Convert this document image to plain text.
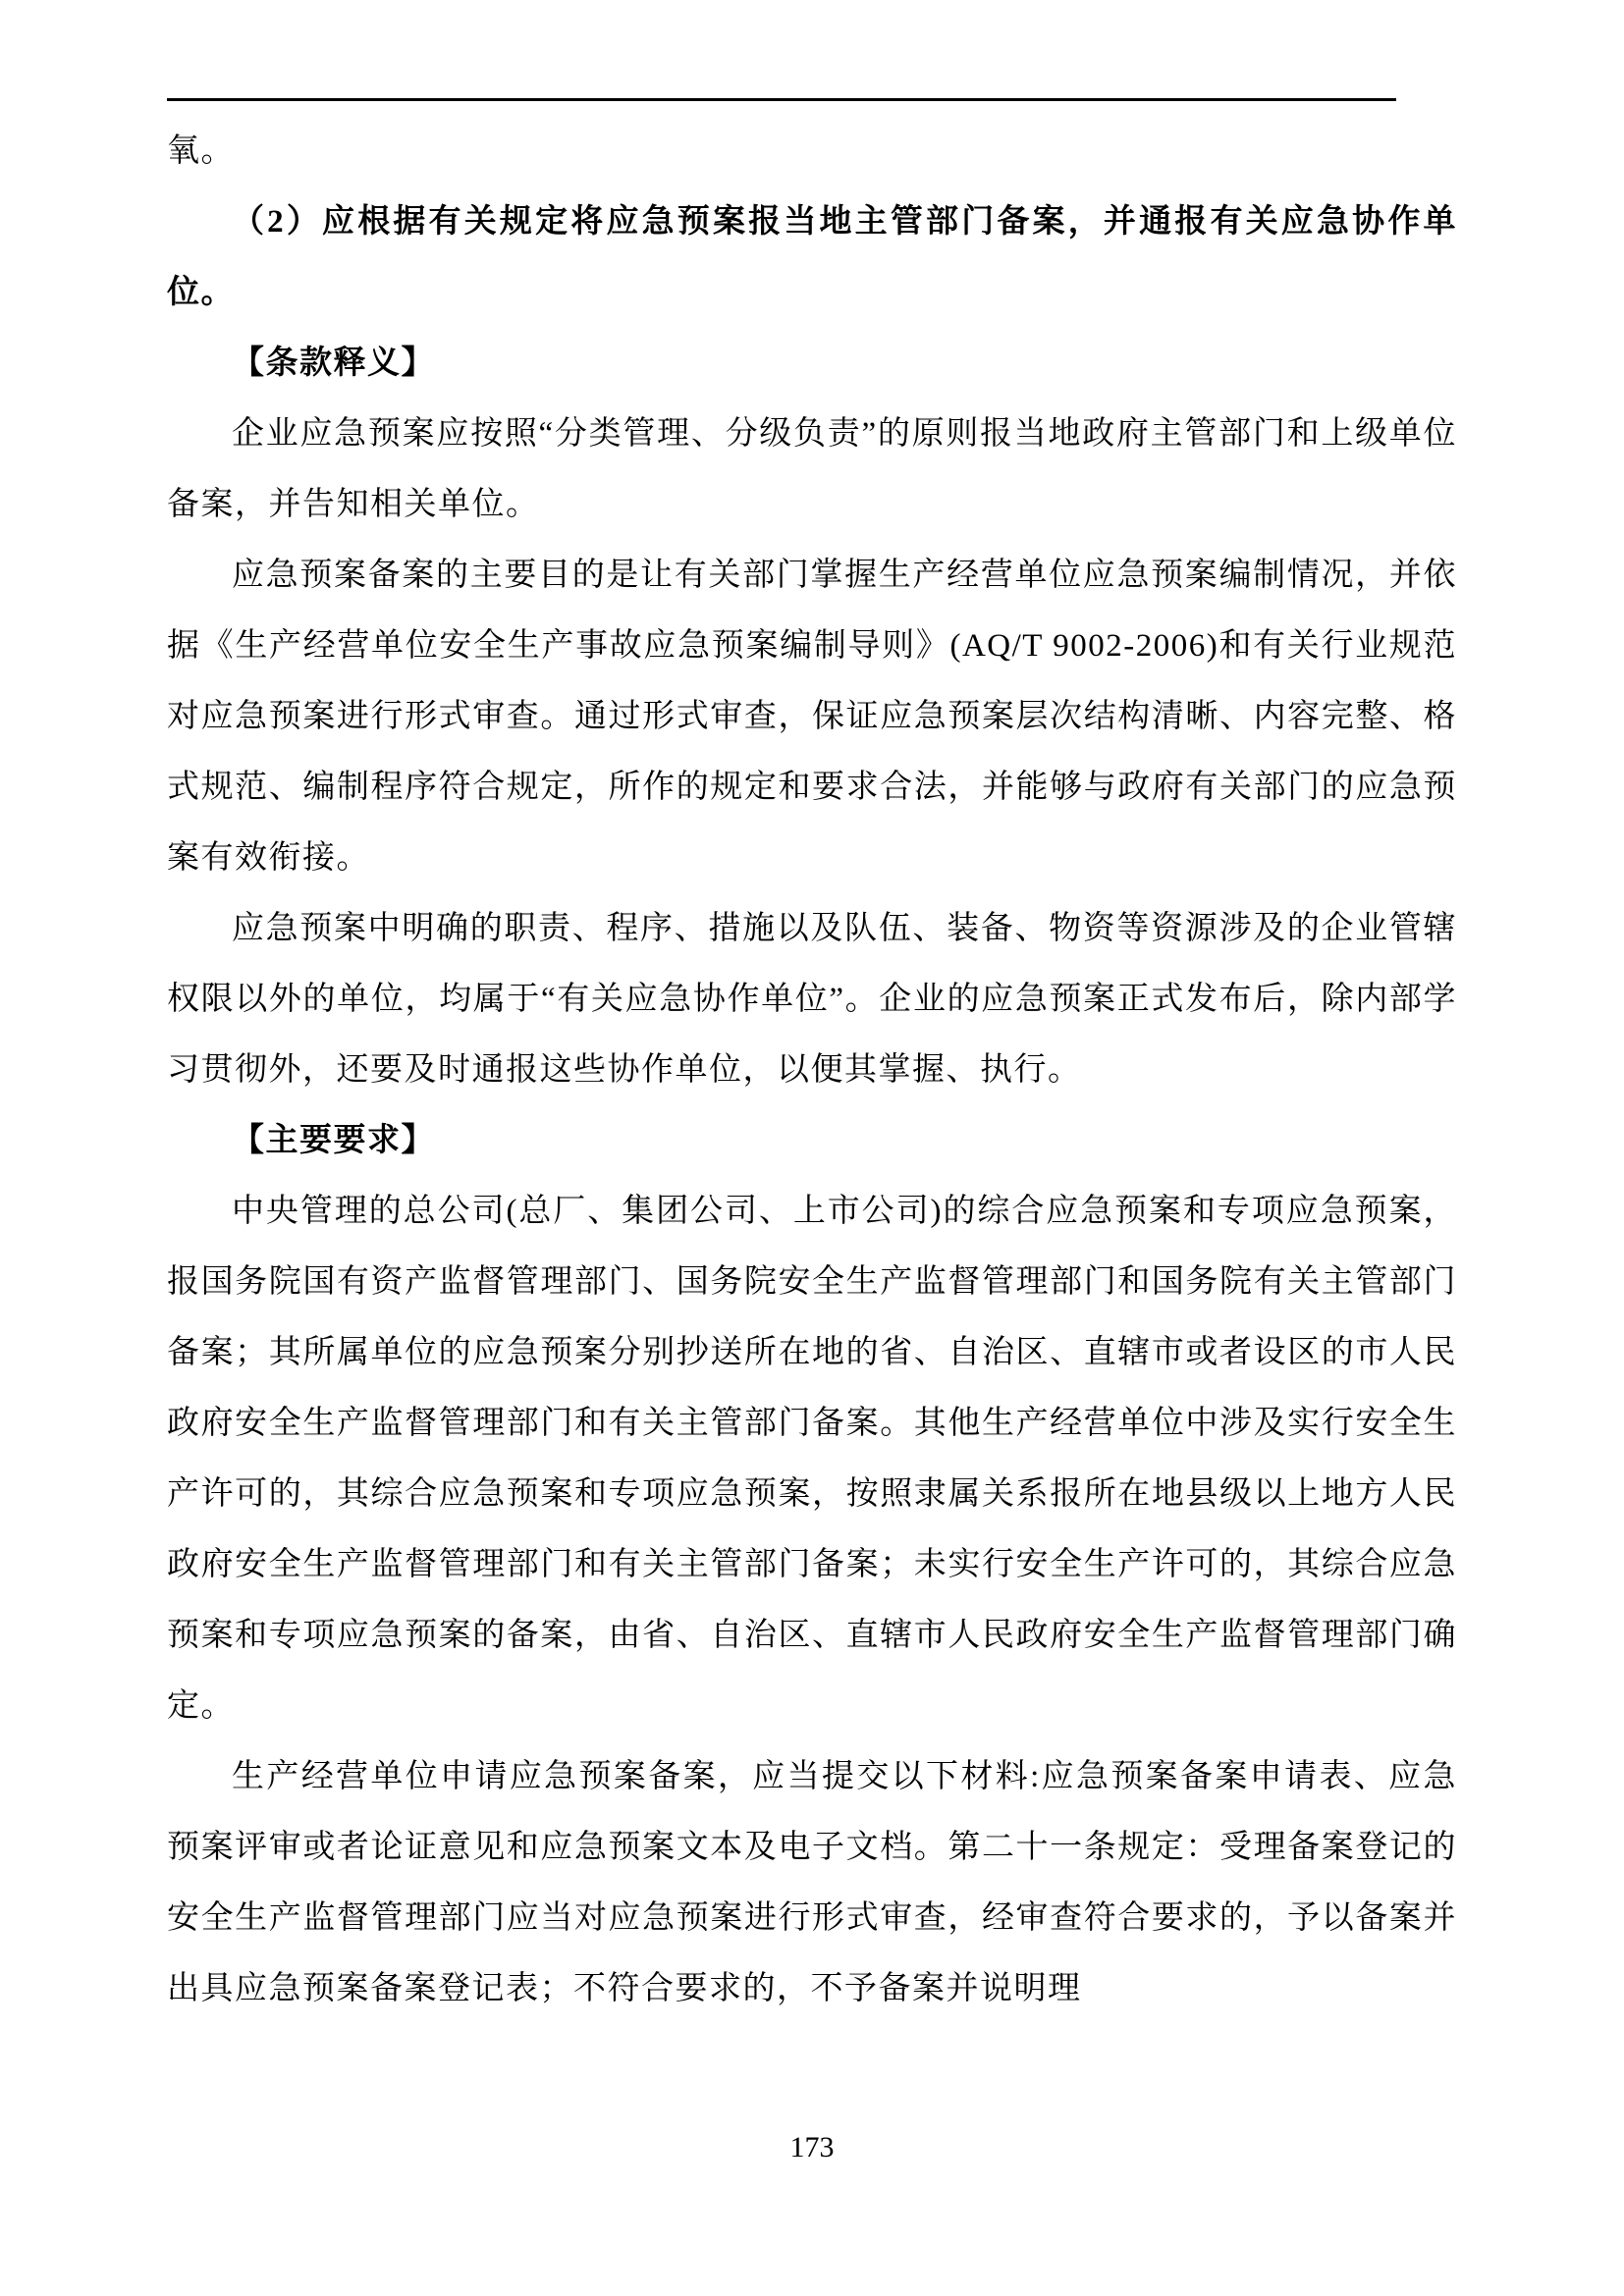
氧。

（2）应根据有关规定将应急预案报当地主管部门备案，并通报有关应急协作单位。

【条款释义】

企业应急预案应按照“分类管理、分级负责”的原则报当地政府主管部门和上级单位备案，并告知相关单位。

应急预案备案的主要目的是让有关部门掌握生产经营单位应急预案编制情况，并依据《生产经营单位安全生产事故应急预案编制导则》(AQ/T 9002-2006)和有关行业规范对应急预案进行形式审查。通过形式审查，保证应急预案层次结构清晰、内容完整、格式规范、编制程序符合规定，所作的规定和要求合法，并能够与政府有关部门的应急预案有效衔接。

应急预案中明确的职责、程序、措施以及队伍、装备、物资等资源涉及的企业管辖权限以外的单位，均属于“有关应急协作单位”。企业的应急预案正式发布后，除内部学习贯彻外，还要及时通报这些协作单位，以便其掌握、执行。

【主要要求】

中央管理的总公司(总厂、集团公司、上市公司)的综合应急预案和专项应急预案，报国务院国有资产监督管理部门、国务院安全生产监督管理部门和国务院有关主管部门备案；其所属单位的应急预案分别抄送所在地的省、自治区、直辖市或者设区的市人民政府安全生产监督管理部门和有关主管部门备案。其他生产经营单位中涉及实行安全生产许可的，其综合应急预案和专项应急预案，按照隶属关系报所在地县级以上地方人民政府安全生产监督管理部门和有关主管部门备案；未实行安全生产许可的，其综合应急预案和专项应急预案的备案，由省、自治区、直辖市人民政府安全生产监督管理部门确定。

生产经营单位申请应急预案备案，应当提交以下材料:应急预案备案申请表、应急预案评审或者论证意见和应急预案文本及电子文档。第二十一条规定：受理备案登记的安全生产监督管理部门应当对应急预案进行形式审查，经审查符合要求的，予以备案并出具应急预案备案登记表；不符合要求的，不予备案并说明理

173
